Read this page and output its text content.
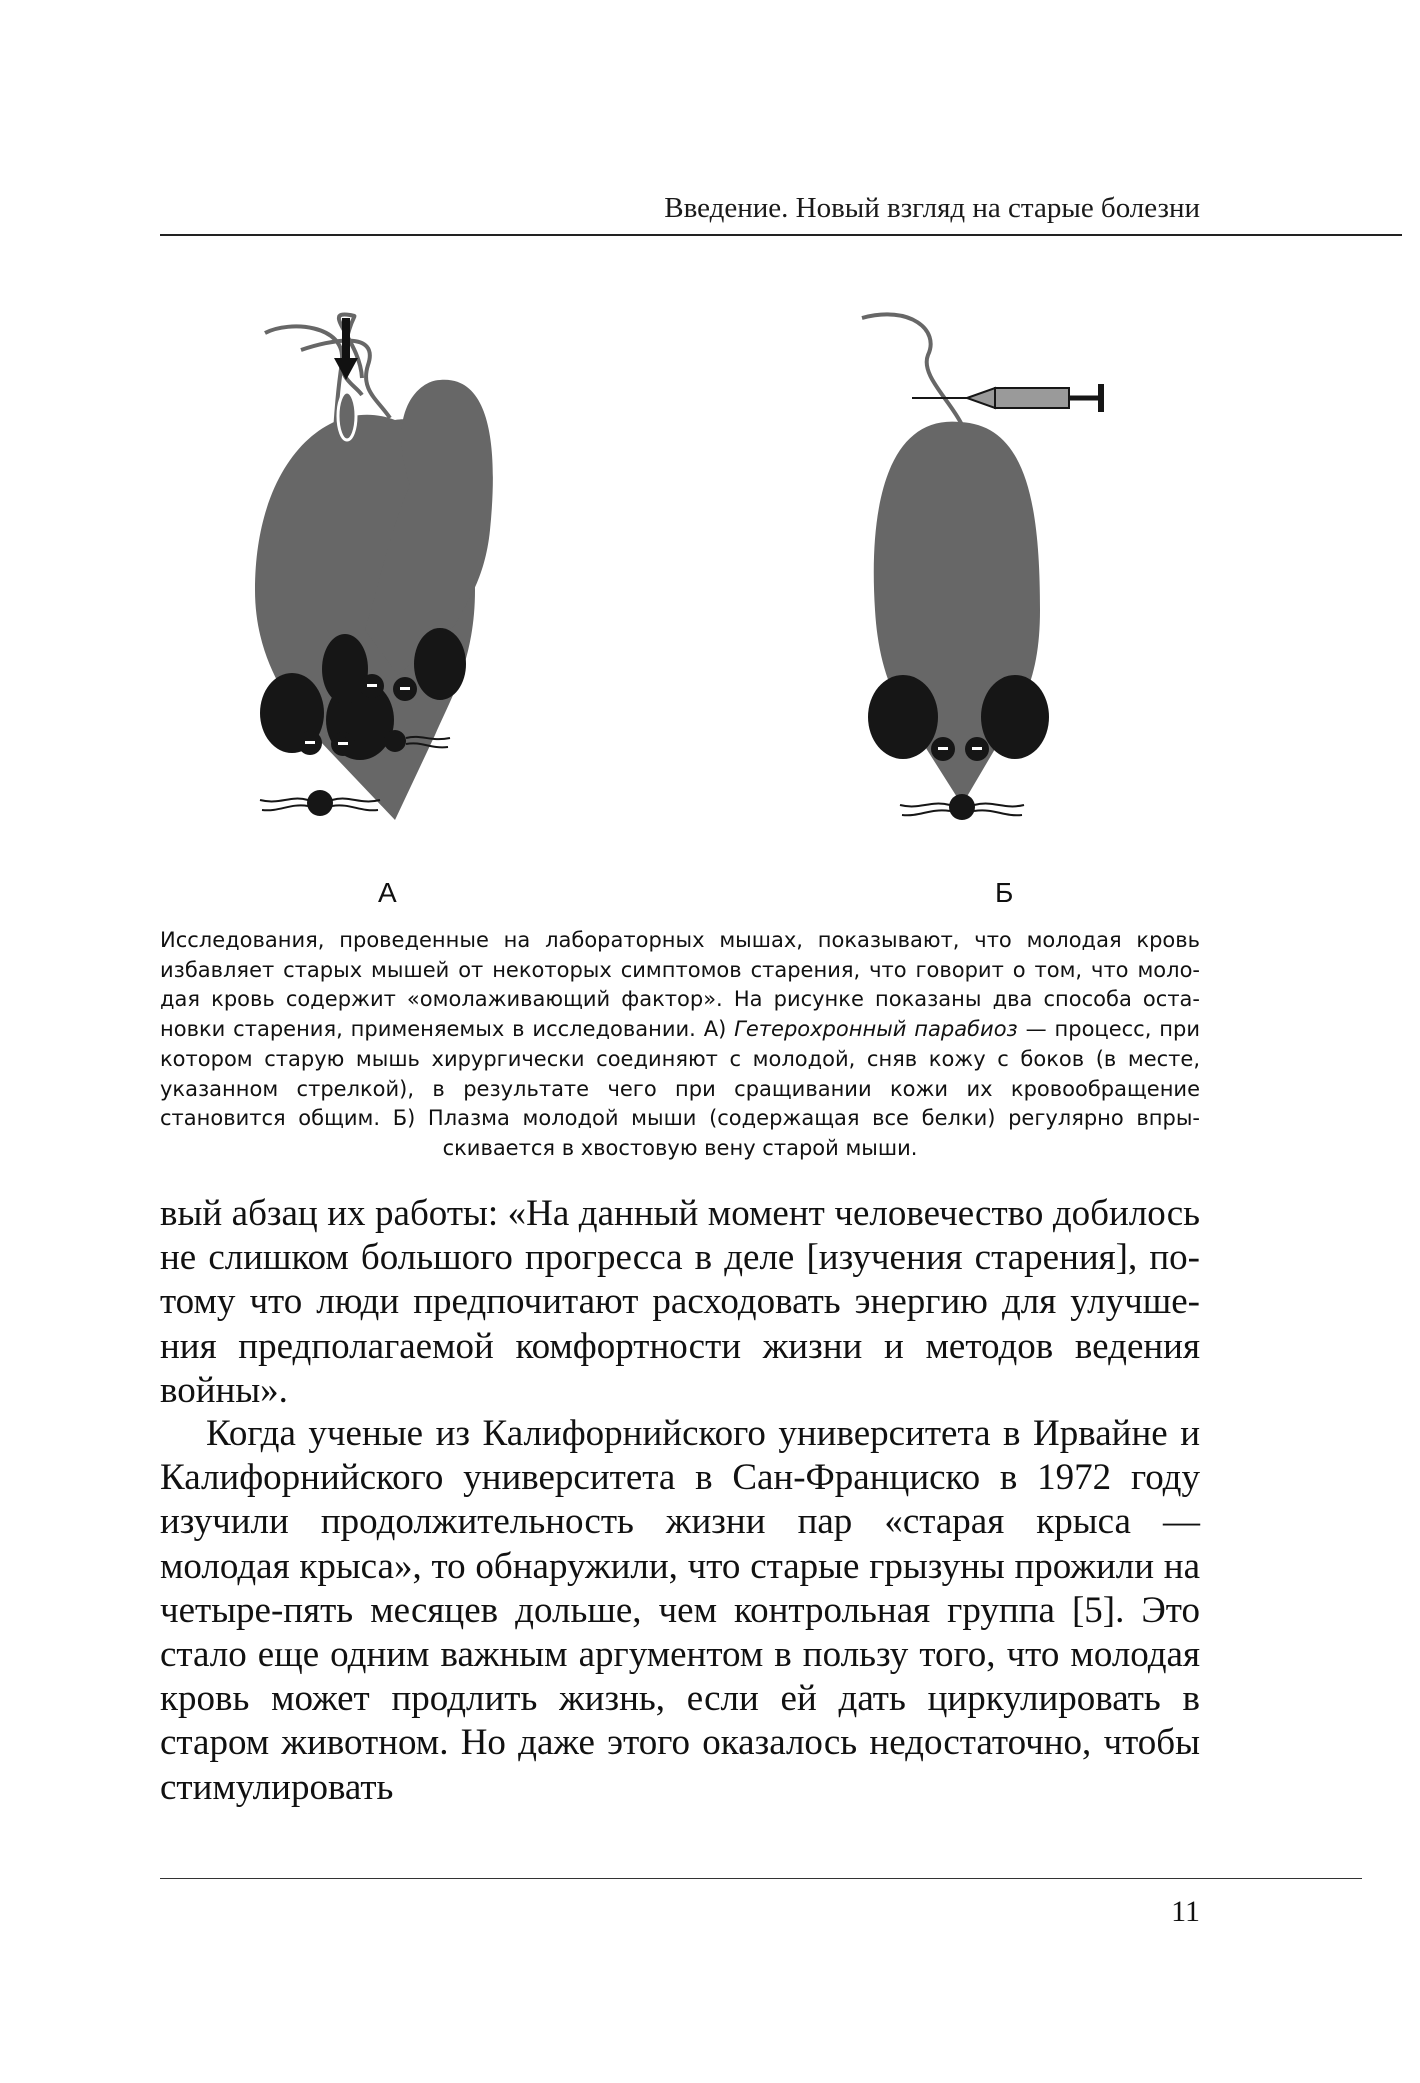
Введение. Новый взгляд на старые болезни
А	Б
Исследования, проведенные на лабораторных мышах, показывают, что молодая кровь избавляет старых мышей от некоторых симптомов старения, что говорит о том, что молодая кровь содержит «омолаживающий фактор». На рисунке показаны два способа остановки старения, применяемых в исследовании. А) Гетерохронный парабиоз — процесс, при котором старую мышь хирургически соединяют с молодой, сняв кожу с боков (в месте, указанном стрелкой), в результате чего при сращивании кожи их кровообращение становится общим. Б) Плазма молодой мыши (содержащая все белки) регулярно впрыскивается в хвостовую вену старой мыши.

вый абзац их работы: «На данный момент человечество добилось не слишком большого прогресса в деле [изучения старения], потому что люди предпочитают расходовать энергию для улучшения предполагаемой комфортности жизни и методов ведения войны».

Когда ученые из Калифорнийского университета в Ирвайне и Калифорнийского университета в Сан-Франциско в 1972 году изучили продолжительность жизни пар «старая крыса — молодая крыса», то обнаружили, что старые грызуны прожили на четыре-пять месяцев дольше, чем контрольная группа [5]. Это стало еще одним важным аргументом в пользу того, что молодая кровь может продлить жизнь, если ей дать циркулировать в старом животном. Но даже этого оказалось недостаточно, чтобы стимулировать

11
